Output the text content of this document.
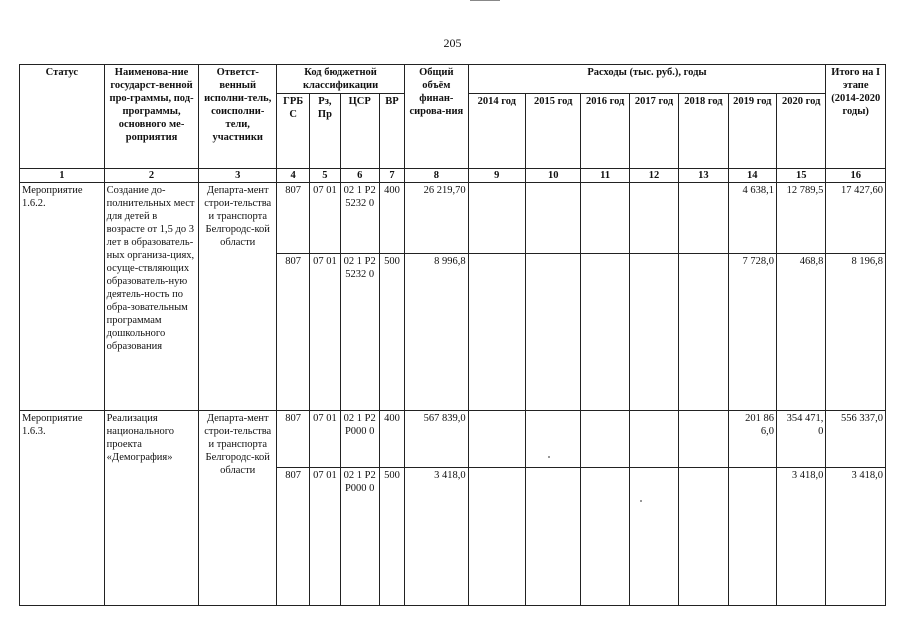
205
Статус	Наименова-ние государст-венной про-граммы, под-программы, основного ме-роприятия	Ответст-венный исполни-тель, соисполни-тели, участники	Код бюджетной классификации				Общий объём финан-сирова-ния	Расходы (тыс. руб.), годы							Итого на I этапе (2014-2020 годы)
			ГРБ С	Рз, Пр	ЦСР	ВР		2014 год	2015 год	2016 год	2017 год	2018 год	2019 год	2020 год	
1	2	3	4	5	6	7	8	9	10	11	12	13	14	15	16
Мероприятие 1.6.2.	Создание до-полнительных мест для детей в возрасте от 1,5 до 3 лет в образователь-ных организа-циях, осуще-ствляющих образователь-ную деятель-ность по обра-зовательным программам дошкольного образования	Департа-мент строи-тельства и транспорта Белгородс-кой области	807	07 01	02 1 Р2 5232 0	400	26 219,70						4 638,1	12 789,5	17 427,60
			807	07 01	02 1 Р2 5232 0	500	8 996,8						7 728,0	468,8	8 196,8
Мероприятие 1.6.3.	Реализация национального проекта «Демография»	Департа-мент строи-тельства и транспорта Белгородс-кой области	807	07 01	02 1 Р2 Р000 0	400	567 839,0						201 86 6,0	354 471, 0	556 337,0
			807	07 01	02 1 Р2 Р000 0	500	3 418,0							3 418,0	3 418,0
